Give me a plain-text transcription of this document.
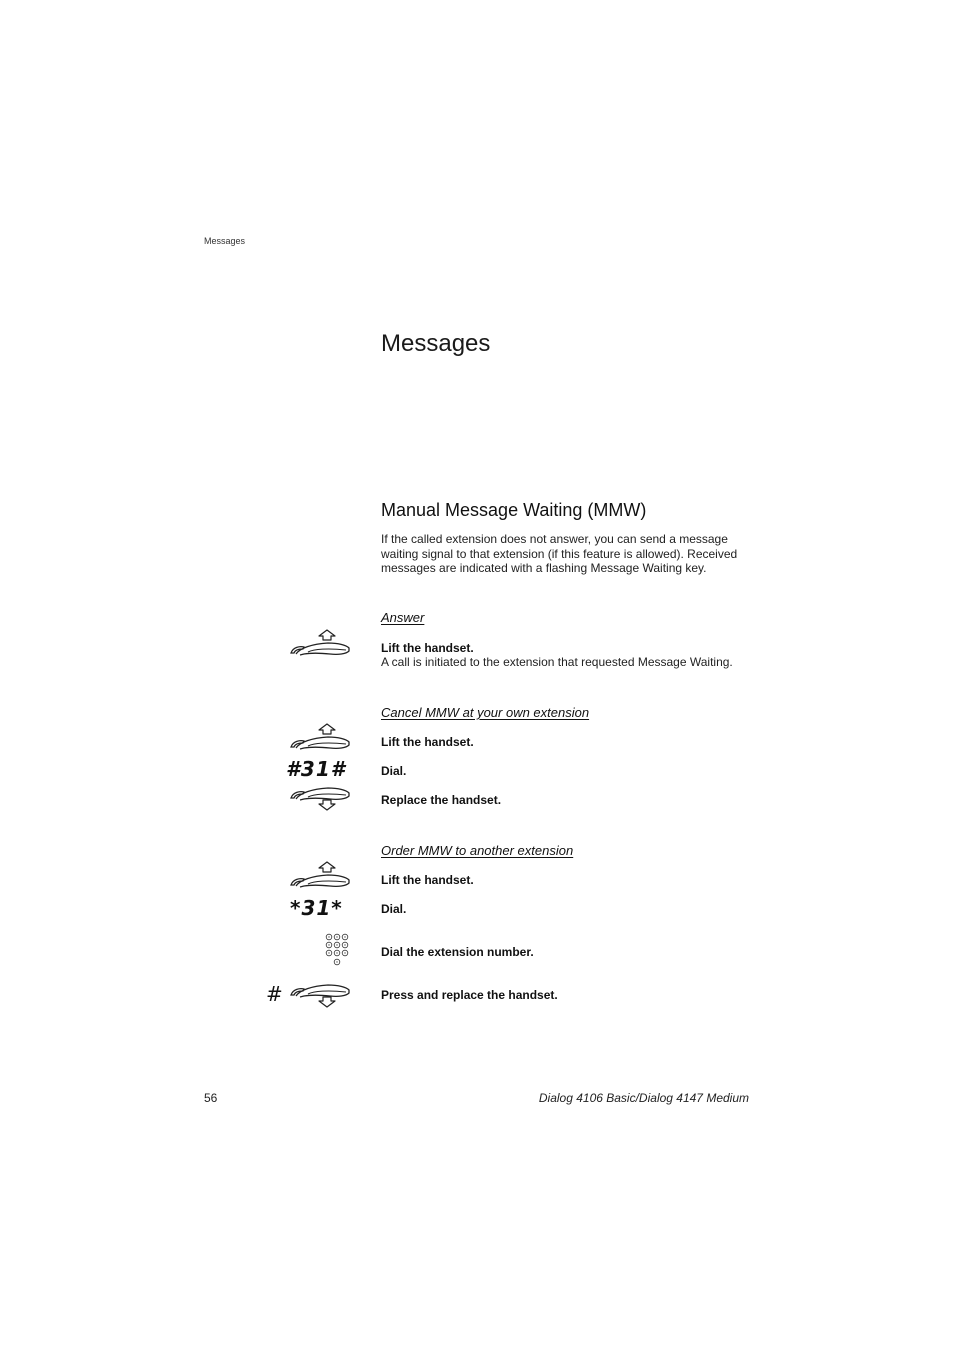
Messages
Messages
Manual Message Waiting (MMW)

If the called extension does not answer, you can send a message waiting signal to that extension (if this feature is allowed). Received messages are indicated with a flashing Message Waiting key.

Answer
Lift the handset.
A call is initiated to the extension that requested Message Waiting.
Cancel MMW at your own extension
Lift the handset.
#31#	Dial.
Replace the handset.
Order MMW to another extension
Lift the handset.
*31*	Dial.
Dial the extension number.
#	Press and replace the handset.
56	Dialog 4106 Basic/Dialog 4147 Medium
